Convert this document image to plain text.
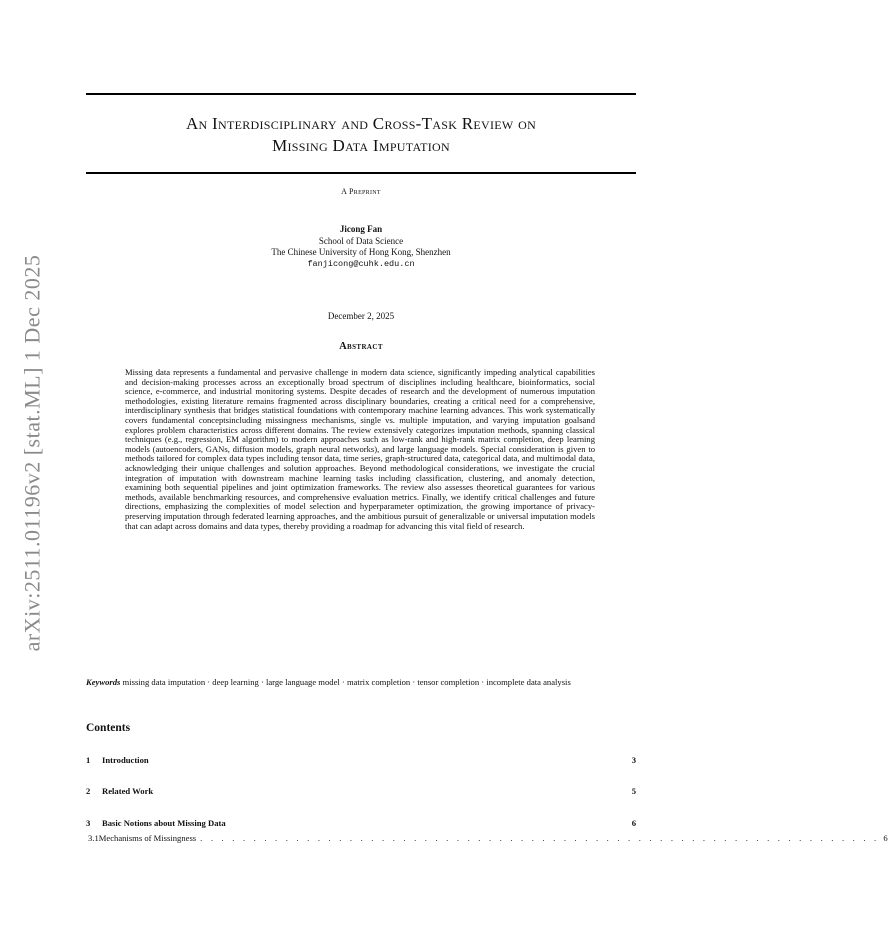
arXiv:2511.01196v2 [stat.ML] 1 Dec 2025
An Interdisciplinary and Cross-Task Review on
Missing Data Imputation
A Preprint
Jicong Fan
School of Data Science
The Chinese University of Hong Kong, Shenzhen
fanjicong@cuhk.edu.cn
December 2, 2025
Abstract
Missing data represents a fundamental and pervasive challenge in modern data science, significantly impeding analytical capabilities and decision-making processes across an exceptionally broad spectrum of disciplines including healthcare, bioinformatics, social science, e-commerce, and industrial monitoring systems. Despite decades of research and the development of numerous imputation methodologies, existing literature remains fragmented across disciplinary boundaries, creating a critical need for a comprehensive, interdisciplinary synthesis that bridges statistical foundations with contemporary machine learning advances. This work systematically covers fundamental conceptsincluding missingness mechanisms, single vs. multiple imputation, and varying imputation goalsand explores problem characteristics across different domains. The review extensively categorizes imputation methods, spanning classical techniques (e.g., regression, EM algorithm) to modern approaches such as low-rank and high-rank matrix completion, deep learning models (autoencoders, GANs, diffusion models, graph neural networks), and large language models. Special consideration is given to methods tailored for complex data types including tensor data, time series, graph-structured data, categorical data, and multimodal data, acknowledging their unique challenges and solution approaches. Beyond methodological considerations, we investigate the crucial integration of imputation with downstream machine learning tasks including classification, clustering, and anomaly detection, examining both sequential pipelines and joint optimization frameworks. The review also assesses theoretical guarantees for various methods, available benchmarking resources, and comprehensive evaluation metrics. Finally, we identify critical challenges and future directions, emphasizing the complexities of model selection and hyperparameter optimization, the growing importance of privacy-preserving imputation through federated learning approaches, and the ambitious pursuit of generalizable or universal imputation models that can adapt across domains and data types, thereby providing a roadmap for advancing this vital field of research.
Keywords missing data imputation · deep learning · large language model · matrix completion · tensor completion · incomplete data analysis
Contents
1	Introduction	3
2	Related Work	5
3	Basic Notions about Missing Data	6
3.1 Mechanisms of Missingness . . . . . . . . . . . . . . . . . . . . . . . . . . . . . . . . . . . . . . . . . . . . . . . . . . . . . . . . . . . . . . . . 6
